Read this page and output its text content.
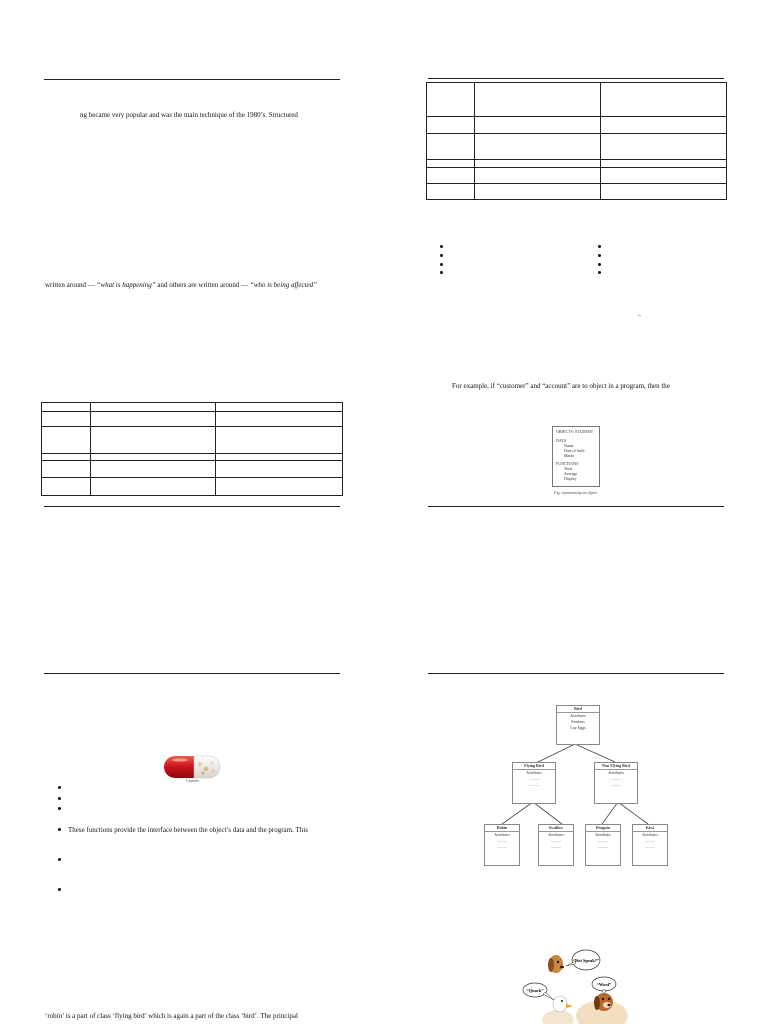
ng became very popular and was the main technique of the 1980’s. Structured
written around — “what is happening” and others are written around — “who is being affected”

–
For example, if “customer” and “account” are to object in a program, then the
OBJECTS: STUDENT
DATA
Name
Date of birth
Marks
FUNCTIONS
Total
Average
Display
Fig. representing an object
Capsule
These functions provide the interface between the object’s data and the program. This
‘robin’ is a part of class ‘flying bird’ which is again a part of the class ‘bird’. The principal
Bird
Attributes
Feathers
Lay Eggs
Flying Bird
Attributes
..........
..........
Non Flying Bird
Attributes
..........
..........
Robin
Attributes
..........
..........
Swallow
Attributes
..........
..........
Penguin
Attributes
..........
..........
Kiwi
Attributes
..........
..........
“Not Speak?”
“Quack”
“Woof”
